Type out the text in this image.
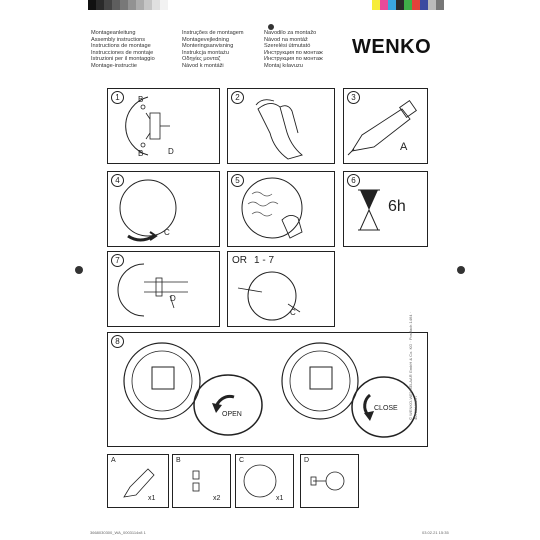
Montageanleitung
Assembly instructions
Instructions de montage
Instrucciones de montaje
Istruzioni per il montaggio
Montage-instructie
Instruções de montagem
Montagevejledning
Monteringsanvisning
Instrukcja montażu
Οδηγίες μονταζ
Návod k montáži
Navodilo za montažo
Návod na montáž
Szerelési útmutató
Инструкция по монтаж
Инструкция по монтаж
Montaj kılavuzu
WENKO
1	B
B	D
2	3
A
4
C
5	6
6h
7
D
OR 1 - 7
C
8
OPEN
CLOSE
A
x1
B
x2
C
x1
D
© WENKO-WENSELAAR GmbH & Co. KG · Postfach 1464 · 40706 Hilden
3668030300_WA_0003114x8 1	03.02.21 15:35
